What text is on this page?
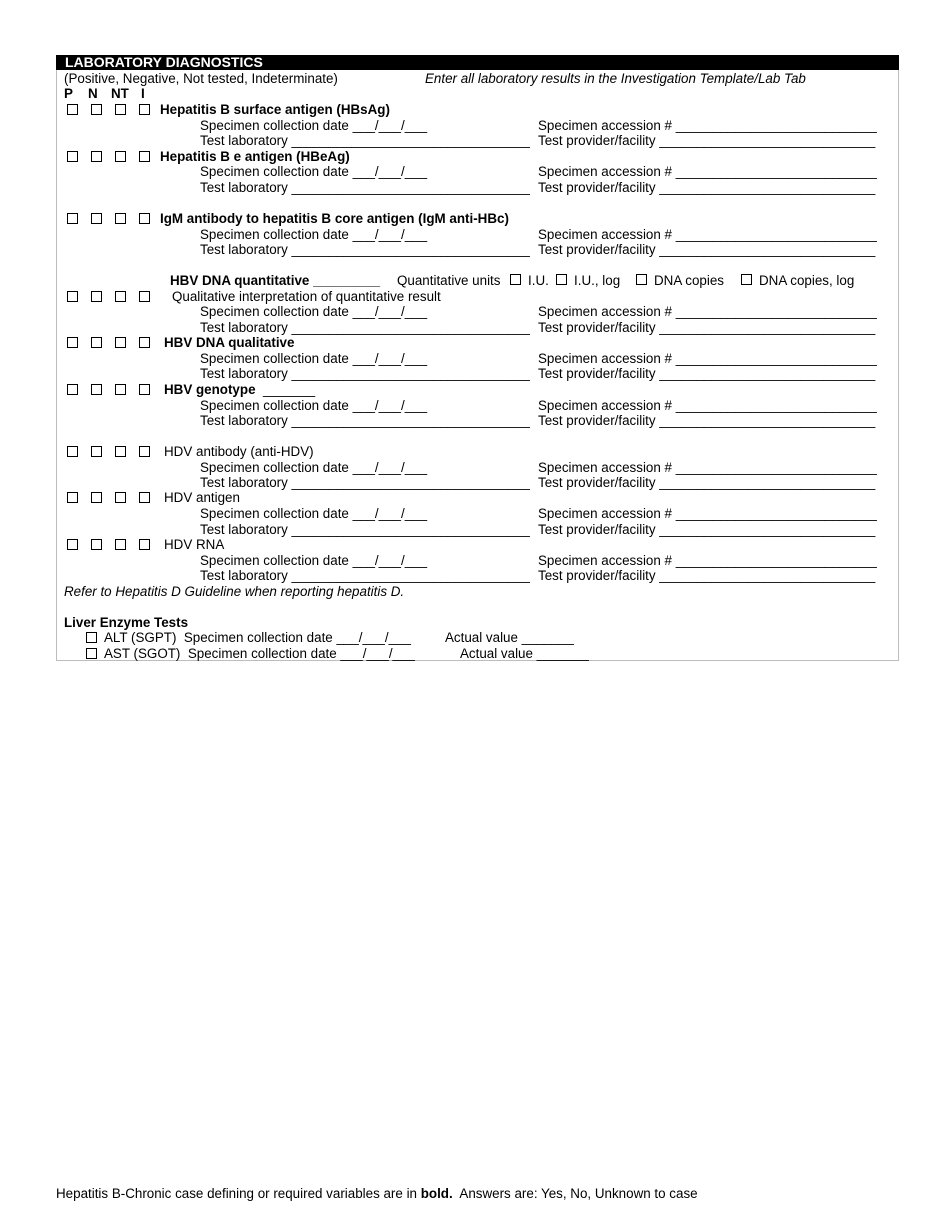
LABORATORY DIAGNOSTICS
(Positive, Negative, Not tested, Indeterminate)	Enter all laboratory results in the Investigation Template/Lab Tab
P N NT I
Hepatitis B surface antigen (HBsAg)
Specimen collection date ___/___/___	Specimen accession # ___________________________
Test laboratory ________________________________ Test provider/facility _____________________________
Hepatitis B e antigen (HBeAg)
Specimen collection date ___/___/___	Specimen accession # ___________________________
Test laboratory ________________________________ Test provider/facility _____________________________
IgM antibody to hepatitis B core antigen (IgM anti-HBc)
Specimen collection date ___/___/___	Specimen accession # ___________________________
Test laboratory ________________________________ Test provider/facility _____________________________
HBV DNA quantitative _________ Quantitative units I.U. I.U., log	DNA copies	DNA copies, log
Qualitative interpretation of quantitative result
Specimen collection date ___/___/___	Specimen accession # ___________________________
Test laboratory ________________________________ Test provider/facility _____________________________
HBV DNA qualitative
Specimen collection date ___/___/___	Specimen accession # ___________________________
Test laboratory ________________________________ Test provider/facility _____________________________
HBV genotype _______
Specimen collection date ___/___/___	Specimen accession # ___________________________
Test laboratory ________________________________ Test provider/facility _____________________________
HDV antibody (anti-HDV)
Specimen collection date ___/___/___	Specimen accession # ___________________________
Test laboratory ________________________________ Test provider/facility _____________________________
HDV antigen
Specimen collection date ___/___/___	Specimen accession # ___________________________
Test laboratory ________________________________ Test provider/facility _____________________________
HDV RNA
Specimen collection date ___/___/___	Specimen accession # ___________________________
Test laboratory ________________________________ Test provider/facility _____________________________
Refer to Hepatitis D Guideline when reporting hepatitis D.
Liver Enzyme Tests
ALT (SGPT)  Specimen collection date ___/___/___	Actual value _______
AST (SGOT)  Specimen collection date ___/___/___	Actual value _______
Hepatitis B-Chronic case defining or required variables are in bold.  Answers are: Yes, No, Unknown to case
